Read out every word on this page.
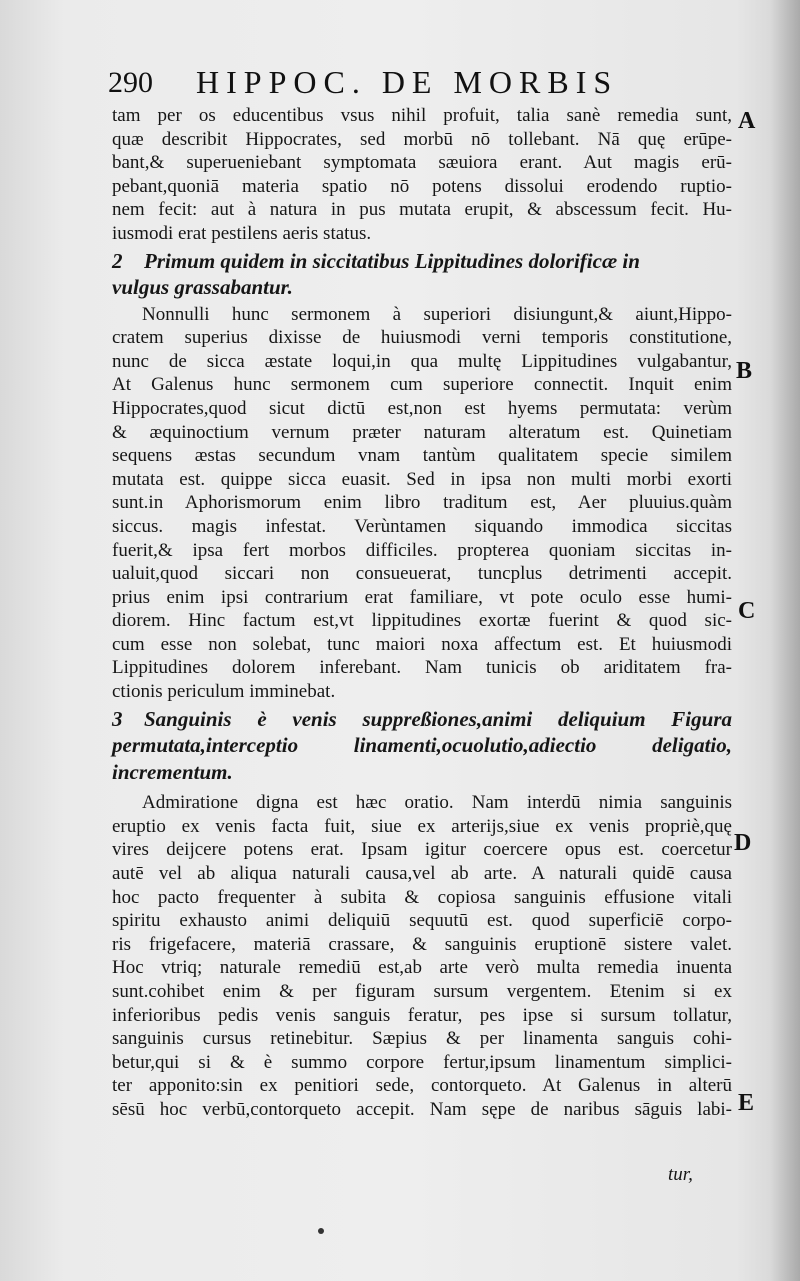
290 HIPPOC. DE MORBIS
tam per os educentibus vsus nihil profuit, talia sanè remedia sunt,
quæ describit Hippocrates, sed morbū nō tollebant. Nā quę erūpe-
bant,& superueniebant symptomata sæuiora erant. Aut magis erū-
pebant,quoniā materia spatio nō potens dissolui erodendo ruptio-
nem fecit: aut à natura in pus mutata erupit, & abscessum fecit. Hu-
iusmodi erat pestilens aeris status.
2 Primum quidem in siccitatibus Lippitudines dolorificæ in
vulgus grassabantur.
Nonnulli hunc sermonem à superiori disiungunt,& aiunt,Hippo-
cratem superius dixisse de huiusmodi verni temporis constitutione,
nunc de sicca æstate loqui,in qua multę Lippitudines vulgabantur,
At Galenus hunc sermonem cum superiore connectit. Inquit enim
Hippocrates,quod sicut dictū est,non est hyems permutata: verùm
& æquinoctium vernum præter naturam alteratum est. Quinetiam
sequens æstas secundum vnam tantùm qualitatem specie similem
mutata est. quippe sicca euasit. Sed in ipsa non multi morbi exorti
sunt.in Aphorismorum enim libro traditum est, Aer pluuius.quàm
siccus. magis infestat. Verùntamen siquando immodica siccitas
fuerit,& ipsa fert morbos difficiles. propterea quoniam siccitas in-
ualuit,quod siccari non consueuerat, tuncplus detrimenti accepit.
prius enim ipsi contrarium erat familiare, vt pote oculo esse humi-
diorem. Hinc factum est,vt lippitudines exortæ fuerint & quod sic-
cum esse non solebat, tunc maiori noxa affectum est. Et huiusmodi
Lippitudines dolorem inferebant. Nam tunicis ob ariditatem fra-
ctionis periculum imminebat.
3 Sanguinis è venis suppreßiones,animi deliquium Figura
permutata,interceptio linamenti,ocuolutio,adiectio deligatio,
incrementum.
Admiratione digna est hæc oratio. Nam interdū nimia sanguinis
eruptio ex venis facta fuit, siue ex arterijs,siue ex venis propriè,quę
vires deijcere potens erat. Ipsam igitur coercere opus est. coercetur
autē vel ab aliqua naturali causa,vel ab arte. A naturali quidē causa
hoc pacto frequenter à subita & copiosa sanguinis effusione vitali
spiritu exhausto animi deliquiū sequutū est. quod superficiē corpo-
ris frigefacere, materiā crassare, & sanguinis eruptionē sistere valet.
Hoc vtriq; naturale remediū est,ab arte verò multa remedia inuenta
sunt.cohibet enim & per figuram sursum vergentem. Etenim si ex
inferioribus pedis venis sanguis feratur, pes ipse si sursum tollatur,
sanguinis cursus retinebitur. Sæpius & per linamenta sanguis cohi-
betur,qui si & è summo corpore fertur,ipsum linamentum simplici-
ter apponito:sin ex penitiori sede, contorqueto. At Galenus in alterū
sēsū hoc verbū,contorqueto accepit. Nam sępe de naribus sāguis labi-
tur,
A
B
C
D
E
